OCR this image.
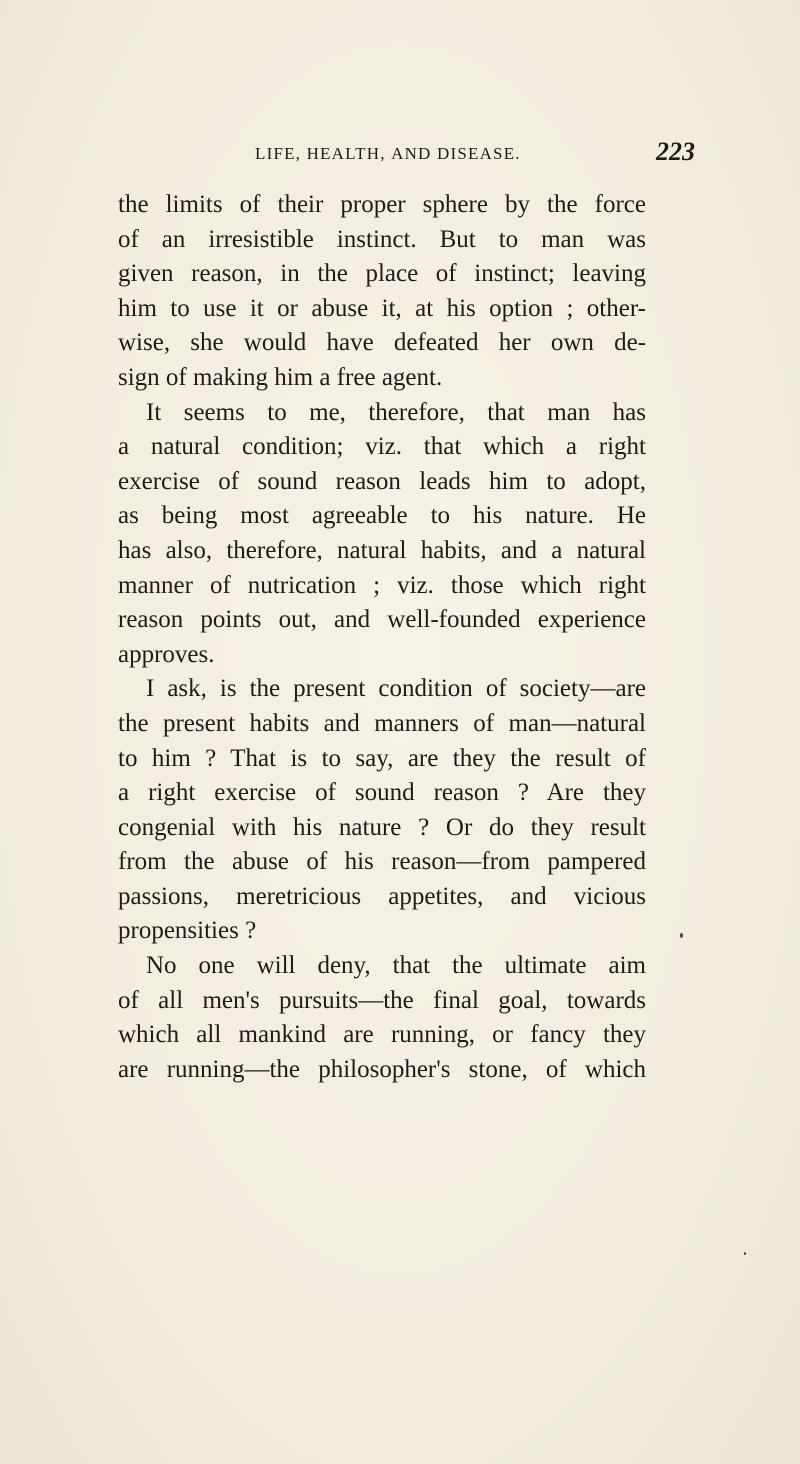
life, health, and disease.	223
the limits of their proper sphere by the force
of an irresistible instinct. But to man was
given reason, in the place of instinct; leaving
him to use it or abuse it, at his option ; other-
wise, she would have defeated her own de-
sign of making him a free agent.
It seems to me, therefore, that man has
a natural condition; viz. that which a right
exercise of sound reason leads him to adopt,
as being most agreeable to his nature. He
has also, therefore, natural habits, and a natural
manner of nutrication ; viz. those which right
reason points out, and well-founded experience
approves.
I ask, is the present condition of society—are
the present habits and manners of man—natural
to him ? That is to say, are they the result of
a right exercise of sound reason ? Are they
congenial with his nature ? Or do they result
from the abuse of his reason—from pampered
passions, meretricious appetites, and vicious
propensities ?
No one will deny, that the ultimate aim
of all men's pursuits—the final goal, towards
which all mankind are running, or fancy they
are running—the philosopher's stone, of which
